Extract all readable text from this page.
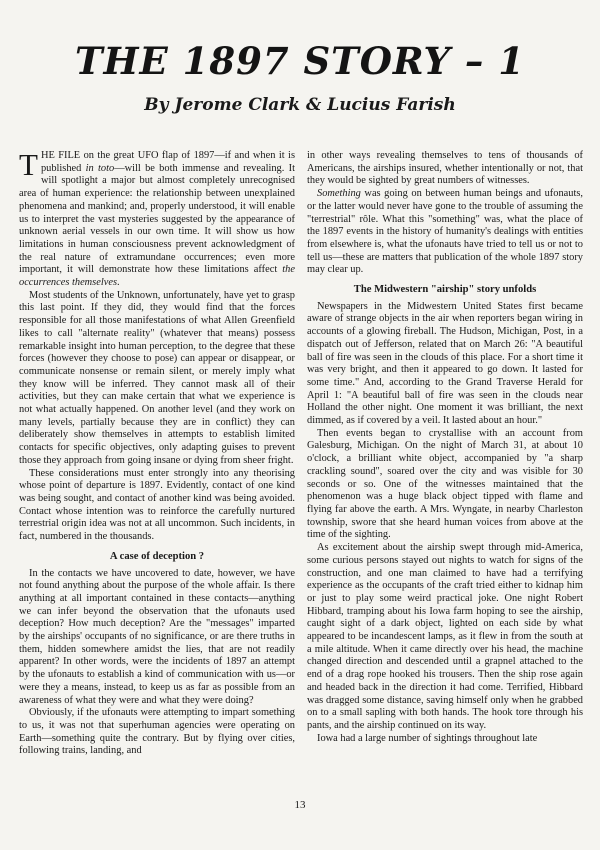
THE 1897 STORY – 1
By Jerome Clark & Lucius Farish

THE FILE on the great UFO flap of 1897—if and when it is published in toto—will be both immense and revealing. It will spotlight a major but almost completely unrecognised area of human experience: the relationship between unexplained phenomena and mankind; and, properly understood, it will enable us to interpret the vast mysteries suggested by the appearance of unknown aerial vessels in our own time. It will show us how limitations in human consciousness prevent acknowledgment of the real nature of extramundane occurrences; even more important, it will demonstrate how these limitations affect the occurrences themselves.

Most students of the Unknown, unfortunately, have yet to grasp this last point. If they did, they would find that the forces responsible for all those manifestations of what Allen Greenfield likes to call "alternate reality" (whatever that means) possess remarkable insight into human perception, to the degree that these forces (however they choose to pose) can appear or disappear, or communicate nonsense or remain silent, or merely imply what they know will be inferred. They cannot mask all of their activities, but they can make certain that what we experience is not what actually happened. On another level (and they work on many levels, partially because they are in conflict) they can deliberately show themselves in attempts to establish limited contacts for specific objectives, only adapting guises to prevent those they approach from going insane or dying from sheer fright.

These considerations must enter strongly into any theorising whose point of departure is 1897. Evidently, contact of one kind was being sought, and contact of another kind was being avoided. Contact whose intention was to reinforce the carefully nurtured terrestrial origin idea was not at all uncommon. Such incidents, in fact, numbered in the thousands.

A case of deception ?

In the contacts we have uncovered to date, however, we have not found anything about the purpose of the whole affair. Is there anything at all important contained in these contacts—anything we can infer beyond the observation that the ufonauts used deception? How much deception? Are the "messages" imparted by the airships' occupants of no significance, or are there truths in them, hidden somewhere amidst the lies, that are not readily apparent? In other words, were the incidents of 1897 an attempt by the ufonauts to establish a kind of communication with us—or were they a means, instead, to keep us as far as possible from an awareness of what they were and what they were doing?

Obviously, if the ufonauts were attempting to impart something to us, it was not that superhuman agencies were operating on Earth—something quite the contrary. But by flying over cities, following trains, landing, and

in other ways revealing themselves to tens of thousands of Americans, the airships insured, whether intentionally or not, that they would be sighted by great numbers of witnesses.

Something was going on between human beings and ufonauts, or the latter would never have gone to the trouble of assuming the "terrestrial" rôle. What this "something" was, what the place of the 1897 events in the history of humanity's dealings with entities from elsewhere is, what the ufonauts have tried to tell us or not to tell us—these are matters that publication of the whole 1897 story may clear up.

The Midwestern "airship" story unfolds

Newspapers in the Midwestern United States first became aware of strange objects in the air when reporters began wiring in accounts of a glowing fireball. The Hudson, Michigan, Post, in a dispatch out of Jefferson, related that on March 26: "A beautiful ball of fire was seen in the clouds of this place. For a short time it was very bright, and then it appeared to go down. It lasted for some time." And, according to the Grand Traverse Herald for April 1: "A beautiful ball of fire was seen in the clouds near Holland the other night. One moment it was brilliant, the next dimmed, as if covered by a veil. It lasted about an hour."

Then events began to crystallise with an account from Galesburg, Michigan. On the night of March 31, at about 10 o'clock, a brilliant white object, accompanied by "a sharp crackling sound", soared over the city and was visible for 30 seconds or so. One of the witnesses maintained that the phenomenon was a huge black object tipped with flame and flying far above the earth. A Mrs. Wyngate, in nearby Charleston township, swore that she heard human voices from above at the time of the sighting.

As excitement about the airship swept through mid-America, some curious persons stayed out nights to watch for signs of the construction, and one man claimed to have had a terrifying experience as the occupants of the craft tried either to kidnap him or just to play some weird practical joke. One night Robert Hibbard, tramping about his Iowa farm hoping to see the airship, caught sight of a dark object, lighted on each side by what appeared to be incandescent lamps, as it flew in from the south at a mile altitude. When it came directly over his head, the machine changed direction and descended until a grapnel attached to the end of a drag rope hooked his trousers. Then the ship rose again and headed back in the direction it had come. Terrified, Hibbard was dragged some distance, saving himself only when he grabbed on to a small sapling with both hands. The hook tore through his pants, and the airship continued on its way.

Iowa had a large number of sightings throughout late

13
